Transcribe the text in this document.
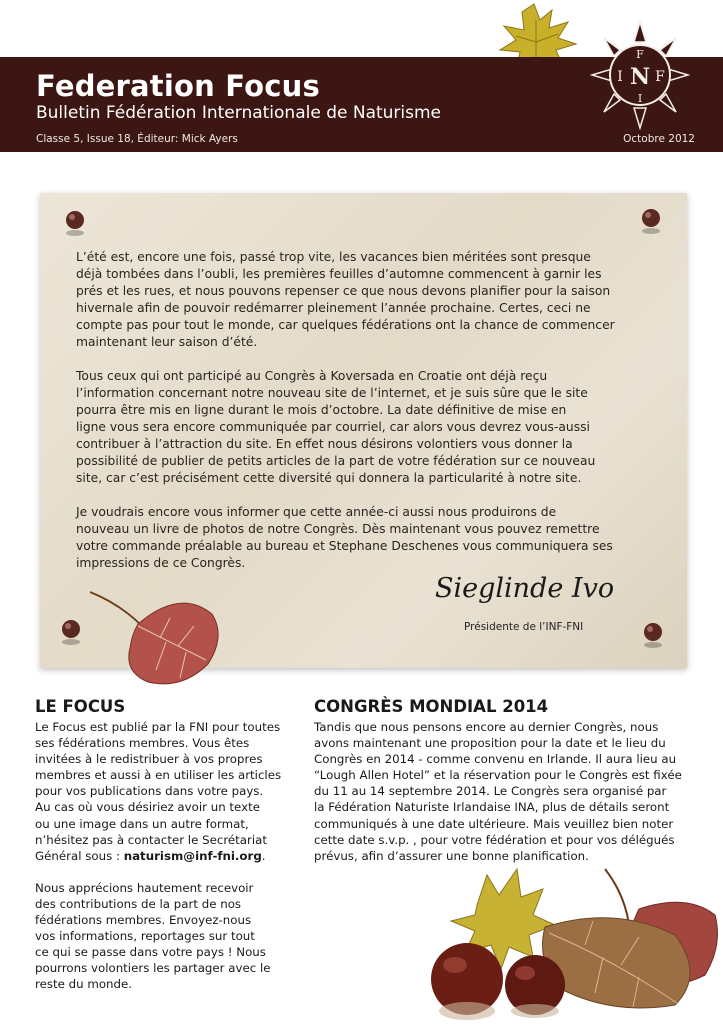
Federation Focus
Bulletin Fédération Internationale de Naturisme
Classe 5, Issue 18, Éditeur: Mick Ayers	Octobre 2012
F
I N F
I

L’été est, encore une fois, passé trop vite, les vacances bien méritées sont presque
déjà tombées dans l’oubli, les premières feuilles d’automne commencent à garnir les
prés et les rues, et nous pouvons repenser ce que nous devons planifier pour la saison
hivernale afin de pouvoir redémarrer pleinement l’année prochaine. Certes, ceci ne
compte pas pour tout le monde, car quelques fédérations ont la chance de commencer
maintenant leur saison d’été.

Tous ceux qui ont participé au Congrès à Koversada en Croatie ont déjà reçu
l’information concernant notre nouveau site de l’internet, et je suis sûre que le site
pourra être mis en ligne durant le mois d’octobre. La date définitive de mise en
ligne vous sera encore communiquée par courriel, car alors vous devrez vous-aussi
contribuer à l’attraction du site. En effet nous désirons volontiers vous donner la
possibilité de publier de petits articles de la part de votre fédération sur ce nouveau
site, car c’est précisément cette diversité qui donnera la particularité à notre site.

Je voudrais encore vous informer que cette année-ci aussi nous produirons de
nouveau un livre de photos de notre Congrès. Dès maintenant vous pouvez remettre
votre commande préalable au bureau et Stephane Deschenes vous communiquera ses
impressions de ce Congrès.

Sieglinde Ivo
Présidente de l’INF-FNI
LE FOCUS

Le Focus est publié par la FNI pour toutes
ses fédérations membres. Vous êtes
invitées à le redistribuer à vos propres
membres et aussi à en utiliser les articles
pour vos publications dans votre pays.
Au cas où vous désiriez avoir un texte
ou une image dans un autre format,
n’hésitez pas à contacter le Secrétariat
Général sous : naturism@inf-fni.org.

Nous apprécions hautement recevoir
des contributions de la part de nos
fédérations membres. Envoyez-nous
vos informations, reportages sur tout
ce qui se passe dans votre pays ! Nous
pourrons volontiers les partager avec le
reste du monde.

CONGRÈS MONDIAL 2014

Tandis que nous pensons encore au dernier Congrès, nous
avons maintenant une proposition pour la date et le lieu du
Congrès en 2014 - comme convenu en Irlande. Il aura lieu au
“Lough Allen Hotel” et la réservation pour le Congrès est fixée
du 11 au 14 septembre 2014. Le Congrès sera organisé par
la Fédération Naturiste Irlandaise INA, plus de détails seront
communiqués à une date ultérieure. Mais veuillez bien noter
cette date s.v.p. , pour votre fédération et pour vos délégués
prévus, afin d’assurer une bonne planification.
